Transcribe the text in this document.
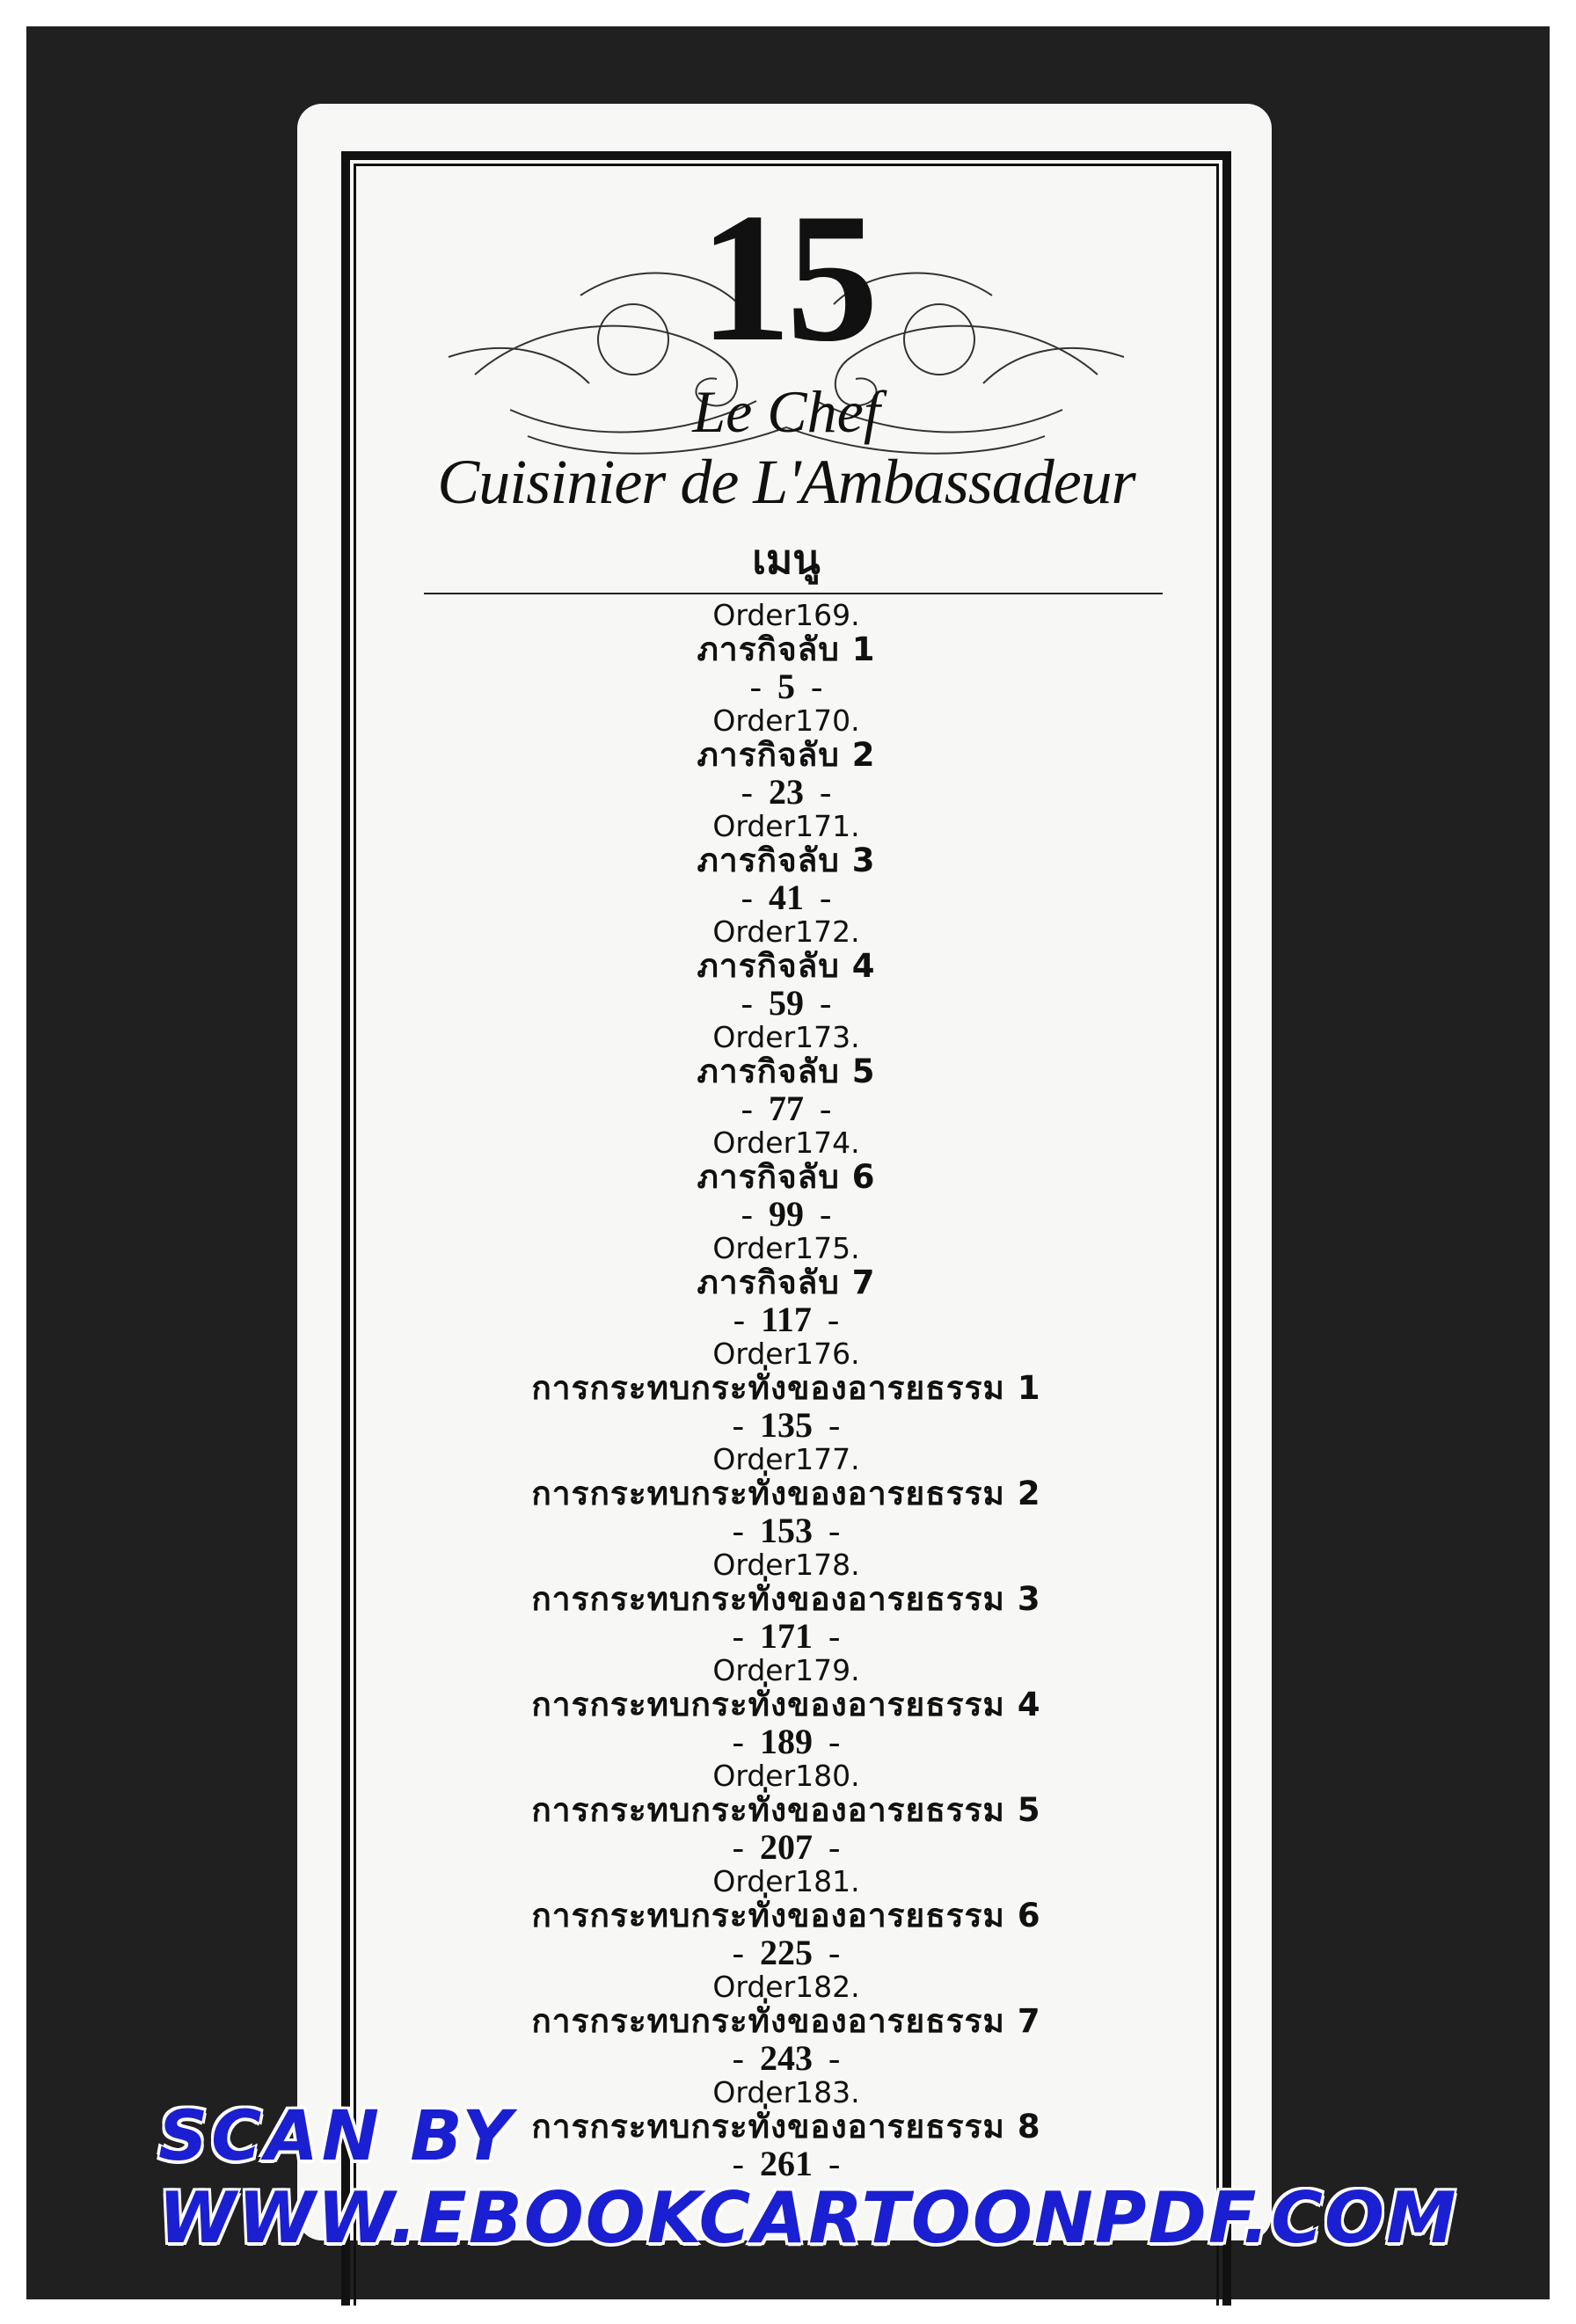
15
Le Chef
Cuisinier de L'Ambassadeur
เมนู
Order169.
ภารกิจลับ 1
- 5 -
Order170.
ภารกิจลับ 2
- 23 -
Order171.
ภารกิจลับ 3
- 41 -
Order172.
ภารกิจลับ 4
- 59 -
Order173.
ภารกิจลับ 5
- 77 -
Order174.
ภารกิจลับ 6
- 99 -
Order175.
ภารกิจลับ 7
- 117 -
Order176.
การกระทบกระทั่งของอารยธรรม 1
- 135 -
Order177.
การกระทบกระทั่งของอารยธรรม 2
- 153 -
Order178.
การกระทบกระทั่งของอารยธรรม 3
- 171 -
Order179.
การกระทบกระทั่งของอารยธรรม 4
- 189 -
Order180.
การกระทบกระทั่งของอารยธรรม 5
- 207 -
Order181.
การกระทบกระทั่งของอารยธรรม 6
- 225 -
Order182.
การกระทบกระทั่งของอารยธรรม 7
- 243 -
Order183.
การกระทบกระทั่งของอารยธรรม 8
- 261 -
SCAN BY
WWW.EBOOKCARTOONPDF.COM
